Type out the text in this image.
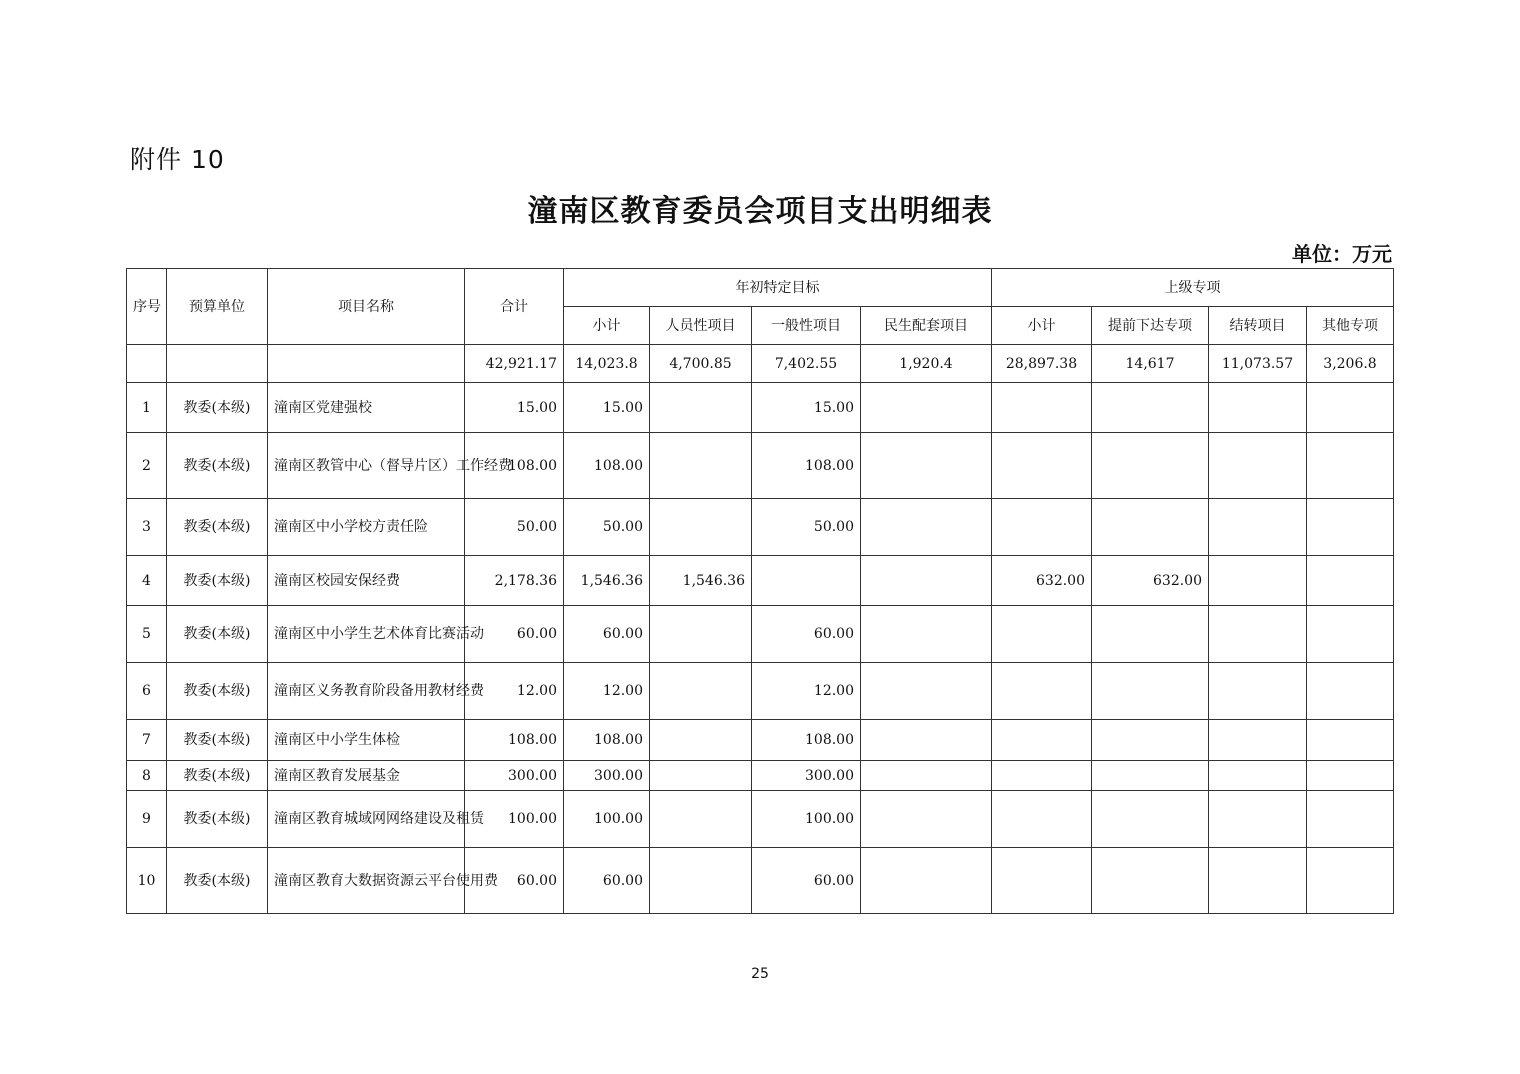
附件 10
潼南区教育委员会项目支出明细表
单位：万元
序号	预算单位	项目名称	合计	年初特定目标				上级专项			
				小计	人员性项目	一般性项目	民生配套项目	小计	提前下达专项	结转项目	其他专项
			42,921.17	14,023.8	4,700.85	7,402.55	1,920.4	28,897.38	14,617	11,073.57	3,206.8
1	教委(本级)	潼南区党建强校	15.00	15.00		15.00					
2	教委(本级)	潼南区教管中心（督导片区）工作经费	108.00	108.00		108.00					
3	教委(本级)	潼南区中小学校方责任险	50.00	50.00		50.00					
4	教委(本级)	潼南区校园安保经费	2,178.36	1,546.36	1,546.36			632.00	632.00		
5	教委(本级)	潼南区中小学生艺术体育比赛活动	60.00	60.00		60.00					
6	教委(本级)	潼南区义务教育阶段备用教材经费	12.00	12.00		12.00					
7	教委(本级)	潼南区中小学生体检	108.00	108.00		108.00					
8	教委(本级)	潼南区教育发展基金	300.00	300.00		300.00					
9	教委(本级)	潼南区教育城域网网络建设及租赁	100.00	100.00		100.00					
10	教委(本级)	潼南区教育大数据资源云平台使用费	60.00	60.00		60.00					
25
